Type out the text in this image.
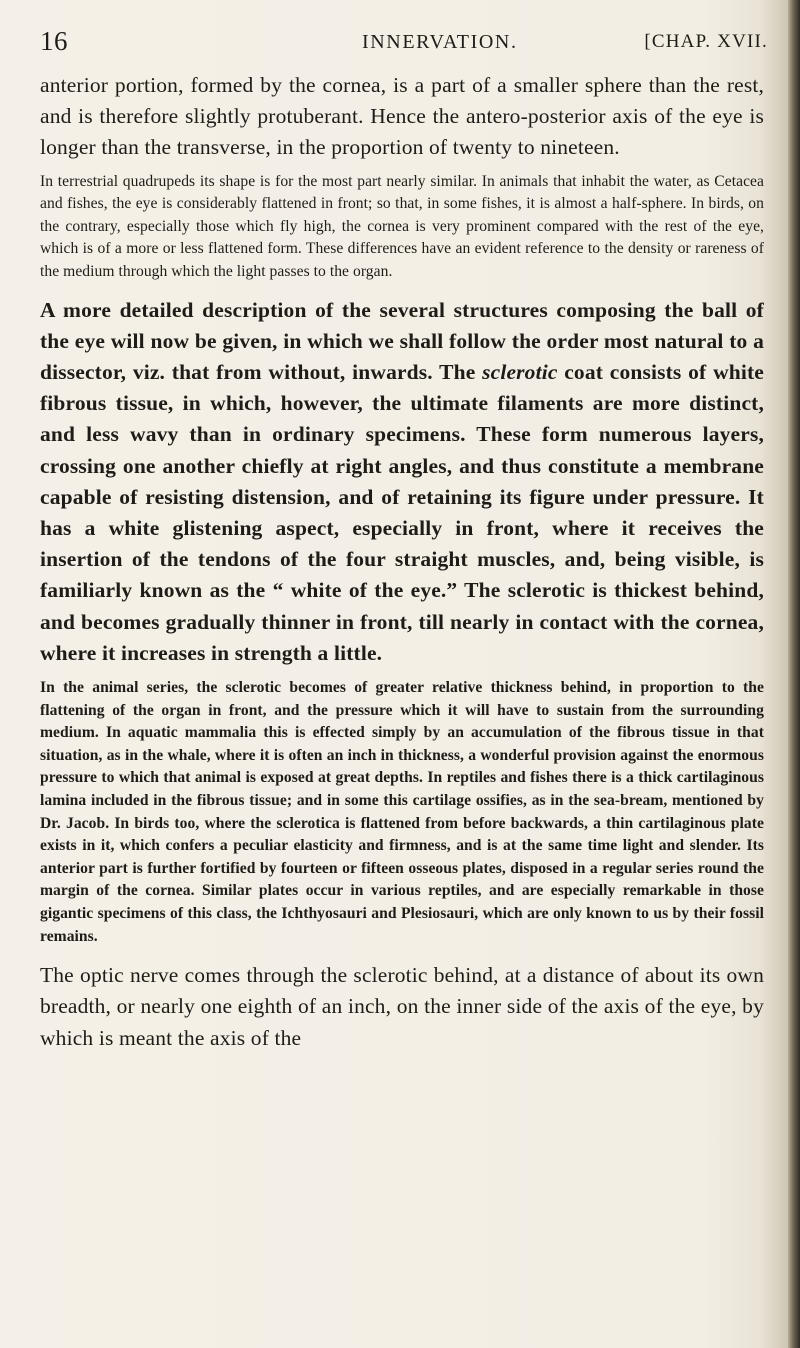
16	INNERVATION.	[CHAP. XVII.

anterior portion, formed by the cornea, is a part of a smaller sphere than the rest, and is therefore slightly protuberant. Hence the antero-posterior axis of the eye is longer than the transverse, in the proportion of twenty to nineteen.

In terrestrial quadrupeds its shape is for the most part nearly similar. In animals that inhabit the water, as Cetacea and fishes, the eye is considerably flattened in front; so that, in some fishes, it is almost a half-sphere. In birds, on the contrary, especially those which fly high, the cornea is very prominent compared with the rest of the eye, which is of a more or less flattened form. These differences have an evident reference to the density or rareness of the medium through which the light passes to the organ.

A more detailed description of the several structures composing the ball of the eye will now be given, in which we shall follow the order most natural to a dissector, viz. that from without, inwards. The sclerotic coat consists of white fibrous tissue, in which, however, the ultimate filaments are more distinct, and less wavy than in ordinary specimens. These form numerous layers, crossing one another chiefly at right angles, and thus constitute a membrane capable of resisting distension, and of retaining its figure under pressure. It has a white glistening aspect, especially in front, where it receives the insertion of the tendons of the four straight muscles, and, being visible, is familiarly known as the “ white of the eye.” The sclerotic is thickest behind, and becomes gradually thinner in front, till nearly in contact with the cornea, where it increases in strength a little.

In the animal series, the sclerotic becomes of greater relative thickness behind, in proportion to the flattening of the organ in front, and the pressure which it will have to sustain from the surrounding medium. In aquatic mammalia this is effected simply by an accumulation of the fibrous tissue in that situation, as in the whale, where it is often an inch in thickness, a wonderful provision against the enormous pressure to which that animal is exposed at great depths. In reptiles and fishes there is a thick cartilaginous lamina included in the fibrous tissue; and in some this cartilage ossifies, as in the sea-bream, mentioned by Dr. Jacob. In birds too, where the sclerotica is flattened from before backwards, a thin cartilaginous plate exists in it, which confers a peculiar elasticity and firmness, and is at the same time light and slender. Its anterior part is further fortified by fourteen or fifteen osseous plates, disposed in a regular series round the margin of the cornea. Similar plates occur in various reptiles, and are especially remarkable in those gigantic specimens of this class, the Ichthyosauri and Plesiosauri, which are only known to us by their fossil remains.

The optic nerve comes through the sclerotic behind, at a distance of about its own breadth, or nearly one eighth of an inch, on the inner side of the axis of the eye, by which is meant the axis of the
